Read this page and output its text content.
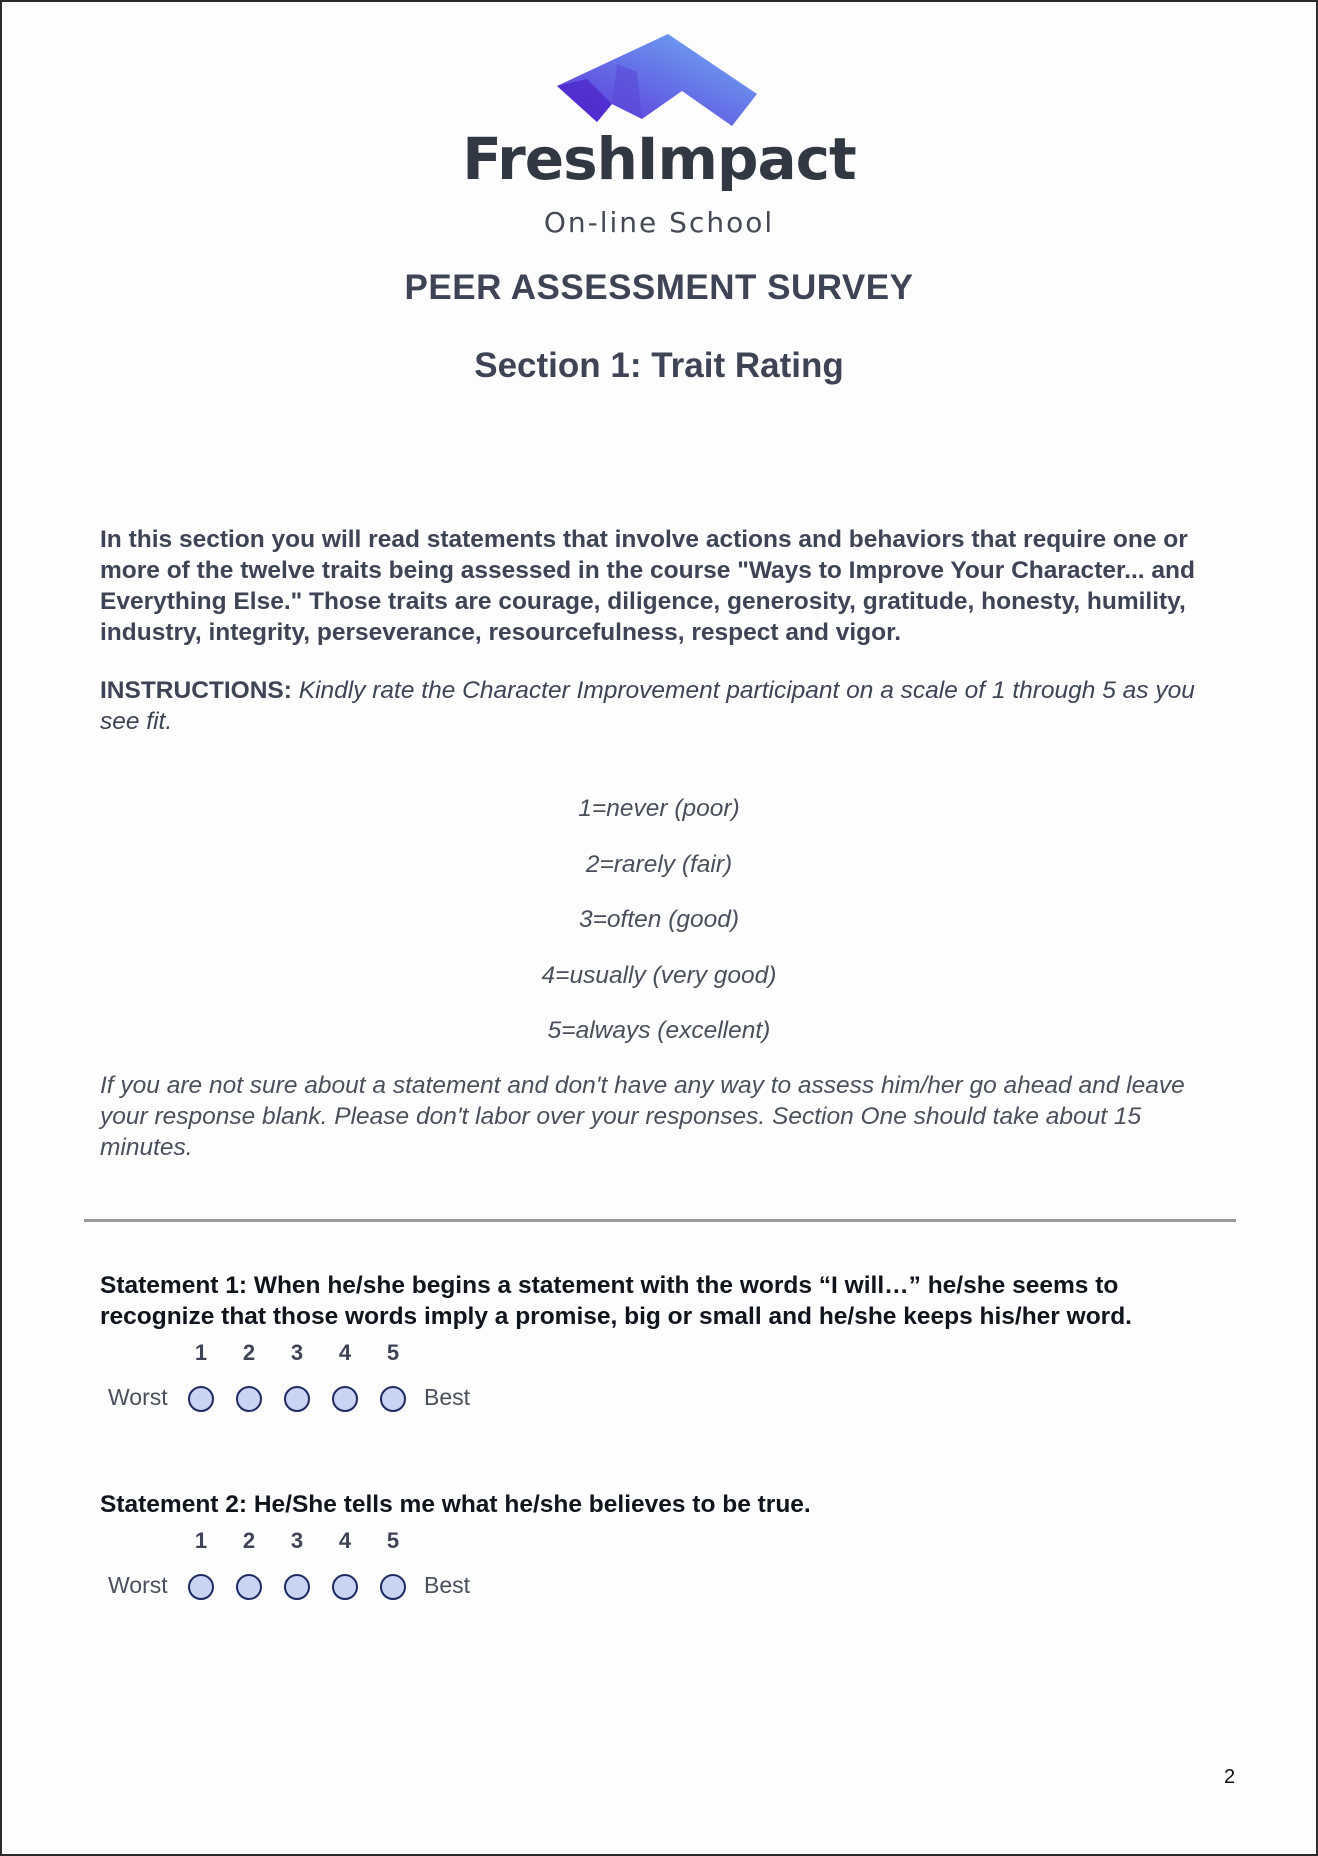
FreshImpact
On-line School
PEER ASSESSMENT SURVEY
Section 1: Trait Rating
In this section you will read statements that involve actions and behaviors that require one or more of the twelve traits being assessed in the course "Ways to Improve Your Character... and Everything Else." Those traits are courage, diligence, generosity, gratitude, honesty, humility, industry, integrity, perseverance, resourcefulness, respect and vigor.
INSTRUCTIONS: Kindly rate the Character Improvement participant on a scale of 1 through 5 as you see fit.
1=never (poor)
2=rarely (fair)
3=often (good)
4=usually (very good)
5=always (excellent)
If you are not sure about a statement and don't have any way to assess him/her go ahead and leave your response blank. Please don't labor over your responses. Section One should take about 15 minutes.
Statement 1: When he/she begins a statement with the words “I will…” he/she seems to recognize that those words imply a promise, big or small and he/she keeps his/her word.
1	2	3	4	5
Worst	Best
Statement 2: He/She tells me what he/she believes to be true.
1	2	3	4	5
Worst	Best
2
